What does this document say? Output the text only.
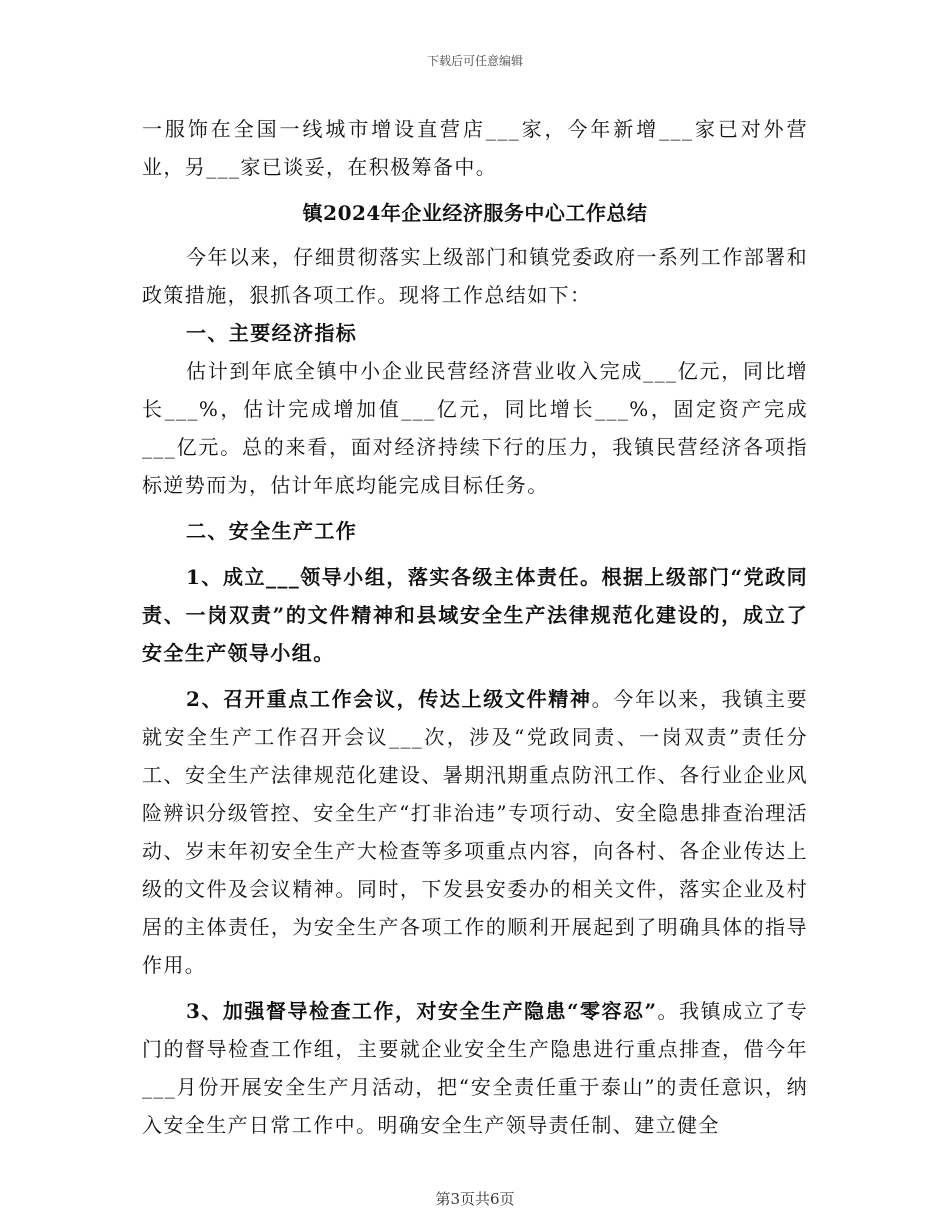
下载后可任意编辑

一服饰在全国一线城市增设直营店___家，今年新增___家已对外营业，另___家已谈妥，在积极筹备中。

镇2024年企业经济服务中心工作总结

今年以来，仔细贯彻落实上级部门和镇党委政府一系列工作部署和政策措施，狠抓各项工作。现将工作总结如下：

一、主要经济指标

估计到年底全镇中小企业民营经济营业收入完成___亿元，同比增长___%，估计完成增加值___亿元，同比增长___%，固定资产完成___亿元。总的来看，面对经济持续下行的压力，我镇民营经济各项指标逆势而为，估计年底均能完成目标任务。

二、安全生产工作

1、成立___领导小组，落实各级主体责任。根据上级部门“党政同责、一岗双责”的文件精神和县域安全生产法律规范化建设的，成立了安全生产领导小组。

2、召开重点工作会议，传达上级文件精神。今年以来，我镇主要就安全生产工作召开会议___次，涉及“党政同责、一岗双责”责任分工、安全生产法律规范化建设、暑期汛期重点防汛工作、各行业企业风险辨识分级管控、安全生产“打非治违”专项行动、安全隐患排查治理活动、岁末年初安全生产大检查等多项重点内容，向各村、各企业传达上级的文件及会议精神。同时，下发县安委办的相关文件，落实企业及村居的主体责任，为安全生产各项工作的顺利开展起到了明确具体的指导作用。

3、加强督导检查工作，对安全生产隐患“零容忍”。我镇成立了专门的督导检查工作组，主要就企业安全生产隐患进行重点排查，借今年___月份开展安全生产月活动，把“安全责任重于泰山”的责任意识，纳入安全生产日常工作中。明确安全生产领导责任制、建立健全

第3页共6页
